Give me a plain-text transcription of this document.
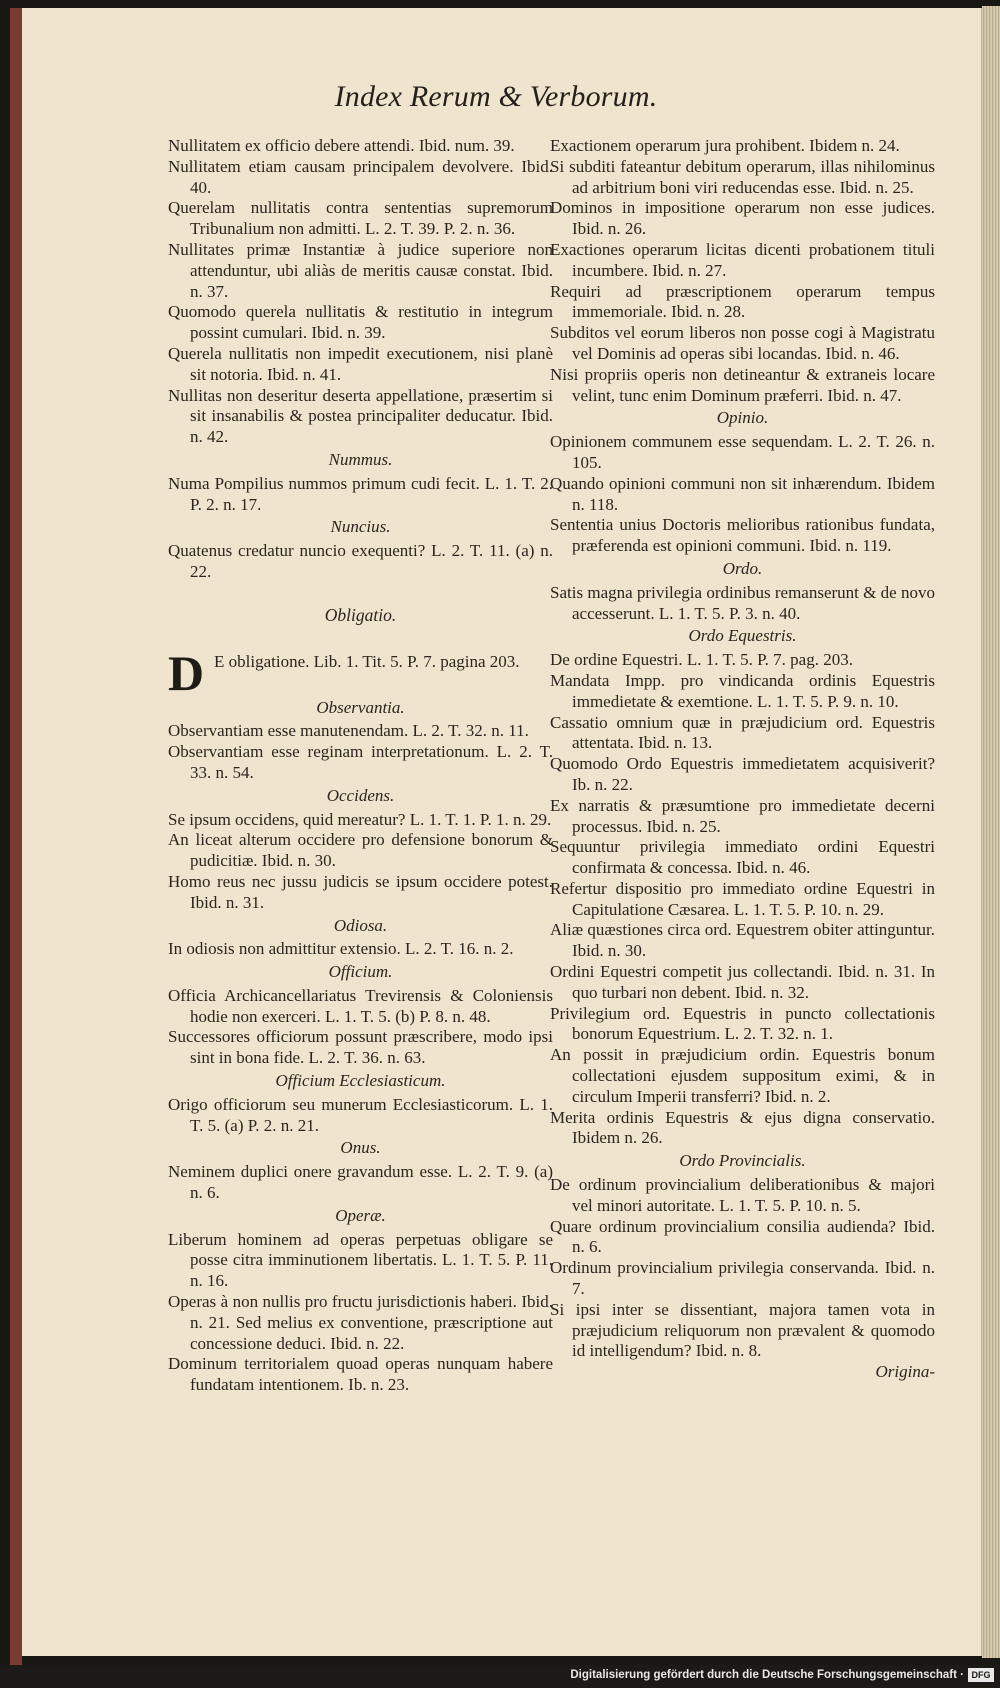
Index Rerum & Verborum.
Nullitatem ex officio debere attendi. Ibid. num. 39.
Nullitatem etiam causam principalem devolvere. Ibid. 40.
Querelam nullitatis contra sententias supremorum Tribunalium non admitti. L. 2. T. 39. P. 2. n. 36.
Nullitates primæ Instantiæ à judice superiore non attenduntur, ubi aliàs de meritis causæ constat. Ibid. n. 37.
Quomodo querela nullitatis & restitutio in integrum possint cumulari. Ibid. n. 39.
Querela nullitatis non impedit executionem, nisi planè sit notoria. Ibid. n. 41.
Nullitas non deseritur deserta appellatione, præsertim si sit insanabilis & postea principaliter deducatur. Ibid. n. 42.
Nummus.
Numa Pompilius nummos primum cudi fecit. L. 1. T. 2. P. 2. n. 17.
Nuncius.
Quatenus credatur nuncio exequenti? L. 2. T. 11. (a) n. 22.
Obligatio.
D E obligatione. Lib. 1. Tit. 5. P. 7. pagina 203.
Observantia.
Observantiam esse manutenendam. L. 2. T. 32. n. 11.
Observantiam esse reginam interpretationum. L. 2. T. 33. n. 54.
Occidens.
Se ipsum occidens, quid mereatur? L. 1. T. 1. P. 1. n. 29.
An liceat alterum occidere pro defensione bonorum & pudicitiæ. Ibid. n. 30.
Homo reus nec jussu judicis se ipsum occidere potest. Ibid. n. 31.
Odiosa.
In odiosis non admittitur extensio. L. 2. T. 16. n. 2.
Officium.
Officia Archicancellariatus Trevirensis & Coloniensis hodie non exerceri. L. 1. T. 5. (b) P. 8. n. 48.
Successores officiorum possunt præscribere, modo ipsi sint in bona fide. L. 2. T. 36. n. 63.
Officium Ecclesiasticum.
Origo officiorum seu munerum Ecclesiasticorum. L. 1. T. 5. (a) P. 2. n. 21.
Onus.
Neminem duplici onere gravandum esse. L. 2. T. 9. (a) n. 6.
Operæ.
Liberum hominem ad operas perpetuas obligare se posse citra imminutionem libertatis. L. 1. T. 5. P. 11. n. 16.
Operas à non nullis pro fructu jurisdictionis haberi. Ibid. n. 21. Sed melius ex conventione, præscriptione aut concessione deduci. Ibid. n. 22.
Dominum territorialem quoad operas nunquam habere fundatam intentionem. Ib. n. 23.
Exactionem operarum jura prohibent. Ibidem n. 24.
Si subditi fateantur debitum operarum, illas nihilominus ad arbitrium boni viri reducendas esse. Ibid. n. 25.
Dominos in impositione operarum non esse judices. Ibid. n. 26.
Exactiones operarum licitas dicenti probationem tituli incumbere. Ibid. n. 27.
Requiri ad præscriptionem operarum tempus immemoriale. Ibid. n. 28.
Subditos vel eorum liberos non posse cogi à Magistratu vel Dominis ad operas sibi locandas. Ibid. n. 46.
Nisi propriis operis non detineantur & extraneis locare velint, tunc enim Dominum præferri. Ibid. n. 47.
Opinio.
Opinionem communem esse sequendam. L. 2. T. 26. n. 105.
Quando opinioni communi non sit inhærendum. Ibidem n. 118.
Sententia unius Doctoris melioribus rationibus fundata, præferenda est opinioni communi. Ibid. n. 119.
Ordo.
Satis magna privilegia ordinibus remanserunt & de novo accesserunt. L. 1. T. 5. P. 3. n. 40.
Ordo Equestris.
De ordine Equestri. L. 1. T. 5. P. 7. pag. 203.
Mandata Impp. pro vindicanda ordinis Equestris immedietate & exemtione. L. 1. T. 5. P. 9. n. 10.
Cassatio omnium quæ in præjudicium ord. Equestris attentata. Ibid. n. 13.
Quomodo Ordo Equestris immedietatem acquisiverit? Ib. n. 22.
Ex narratis & præsumtione pro immedietate decerni processus. Ibid. n. 25.
Sequuntur privilegia immediato ordini Equestri confirmata & concessa. Ibid. n. 46.
Refertur dispositio pro immediato ordine Equestri in Capitulatione Cæsarea. L. 1. T. 5. P. 10. n. 29.
Aliæ quæstiones circa ord. Equestrem obiter attinguntur. Ibid. n. 30.
Ordini Equestri competit jus collectandi. Ibid. n. 31. In quo turbari non debent. Ibid. n. 32.
Privilegium ord. Equestris in puncto collectationis bonorum Equestrium. L. 2. T. 32. n. 1.
An possit in præjudicium ordin. Equestris bonum collectationi ejusdem suppositum eximi, & in circulum Imperii transferri? Ibid. n. 2.
Merita ordinis Equestris & ejus digna conservatio. Ibidem n. 26.
Ordo Provincialis.
De ordinum provincialium deliberationibus & majori vel minori autoritate. L. 1. T. 5. P. 10. n. 5.
Quare ordinum provincialium consilia audienda? Ibid. n. 6.
Ordinum provincialium privilegia conservanda. Ibid. n. 7.
Si ipsi inter se dissentiant, majora tamen vota in præjudicium reliquorum non prævalent & quomodo id intelligendum? Ibid. n. 8.
Origina-
Digitalisierung gefördert durch die Deutsche Forschungsgemeinschaft · DFG
